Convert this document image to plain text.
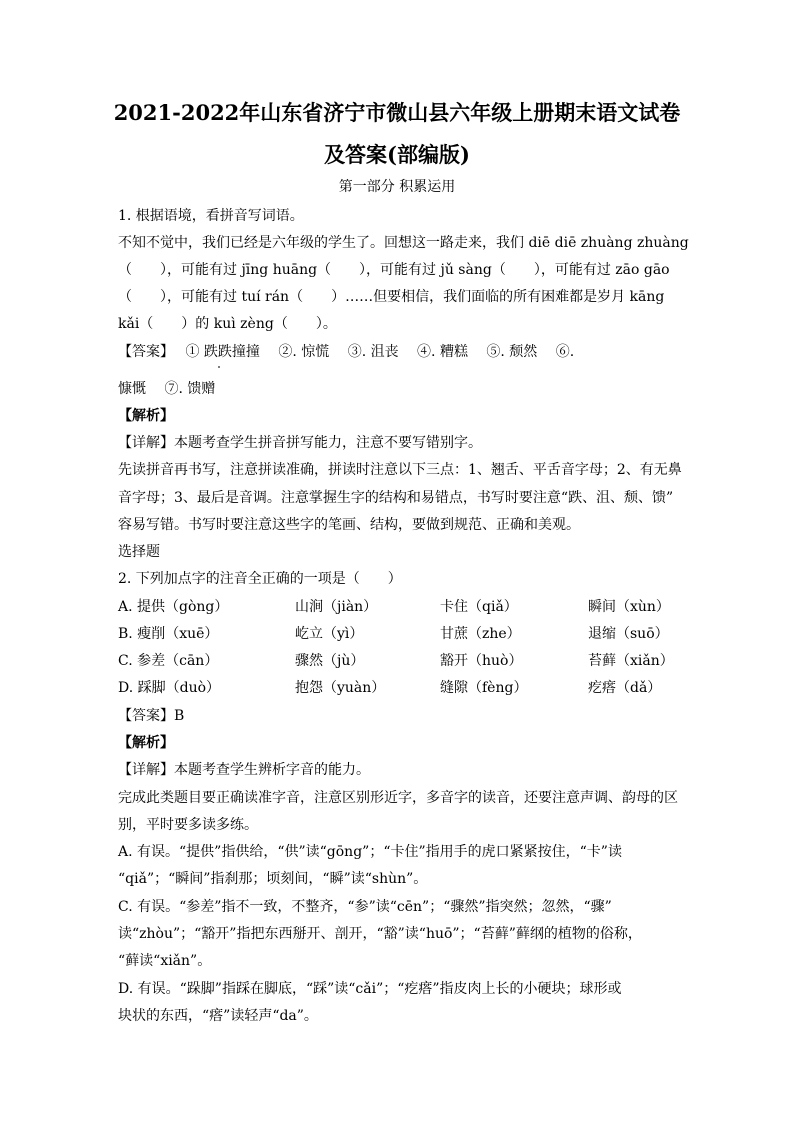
2021-2022年山东省济宁市微山县六年级上册期末语文试卷
及答案(部编版)
第一部分 积累运用
1. 根据语境，看拼音写词语。
不知不觉中，我们已经是六年级的学生了。回想这一路走来，我们 diē diē zhuàng zhuàng
（　　），可能有过 jīng huāng（　　），可能有过 jǔ sàng（　　），可能有过 zāo gāo
（　　），可能有过 tuí rán（　　）……但要相信，我们面临的所有困难都是岁月 kāng
kǎi（　　）的 kuì zèng（　　）。
【答案】　 ① 跌跌撞撞　 ②. 惊慌　 ③. 沮丧　 ④. 糟糕　 ⑤. 颓然　 ⑥.
慷慨　 ⑦. 馈赠
【解析】
【详解】本题考查学生拼音拼写能力，注意不要写错别字。
先读拼音再书写，注意拼读准确，拼读时注意以下三点：1、翘舌、平舌音字母；2、有无鼻
音字母；3、最后是音调。注意掌握生字的结构和易错点，书写时要注意“跌、沮、颓、馈”
容易写错。书写时要注意这些字的笔画、结构，要做到规范、正确和美观。
选择题
2. 下列加点字的注音全正确的一项是（　　）
A. 提供（gòng）	山涧（jiàn）	卡住（qiǎ）	瞬间（xùn）
B. 瘦削（xuē）	屹立（yì）	甘蔗（zhe）	退缩（suō）
C. 参差（cān）	骤然（jù）	豁开（huò）	苔藓（xiǎn）
D. 踩脚（duò）	抱怨（yuàn）	缝隙（fèng）	疙瘩（dǎ）
【答案】B
【解析】
【详解】本题考查学生辨析字音的能力。
完成此类题目要正确读准字音，注意区别形近字，多音字的读音，还要注意声调、韵母的区
别，平时要多读多练。
A. 有误。“提供”指供给，“供”读“gōng”；“卡住”指用手的虎口紧紧按住，“卡”读
“qiǎ”；“瞬间”指刹那；顷刻间，“瞬”读“shùn”。
C. 有误。“参差”指不一致，不整齐，“参”读“cēn”；“骤然”指突然；忽然，“骤”
读“zhòu”；“豁开”指把东西掰开、剖开，“豁”读“huō”；“苔藓”藓纲的植物的俗称，
“藓读“xiǎn”。
D. 有误。“跺脚”指踩在脚底，“踩”读“cǎi”；“疙瘩”指皮肉上长的小硬块；球形或
块状的东西，“瘩”读轻声“da”。
